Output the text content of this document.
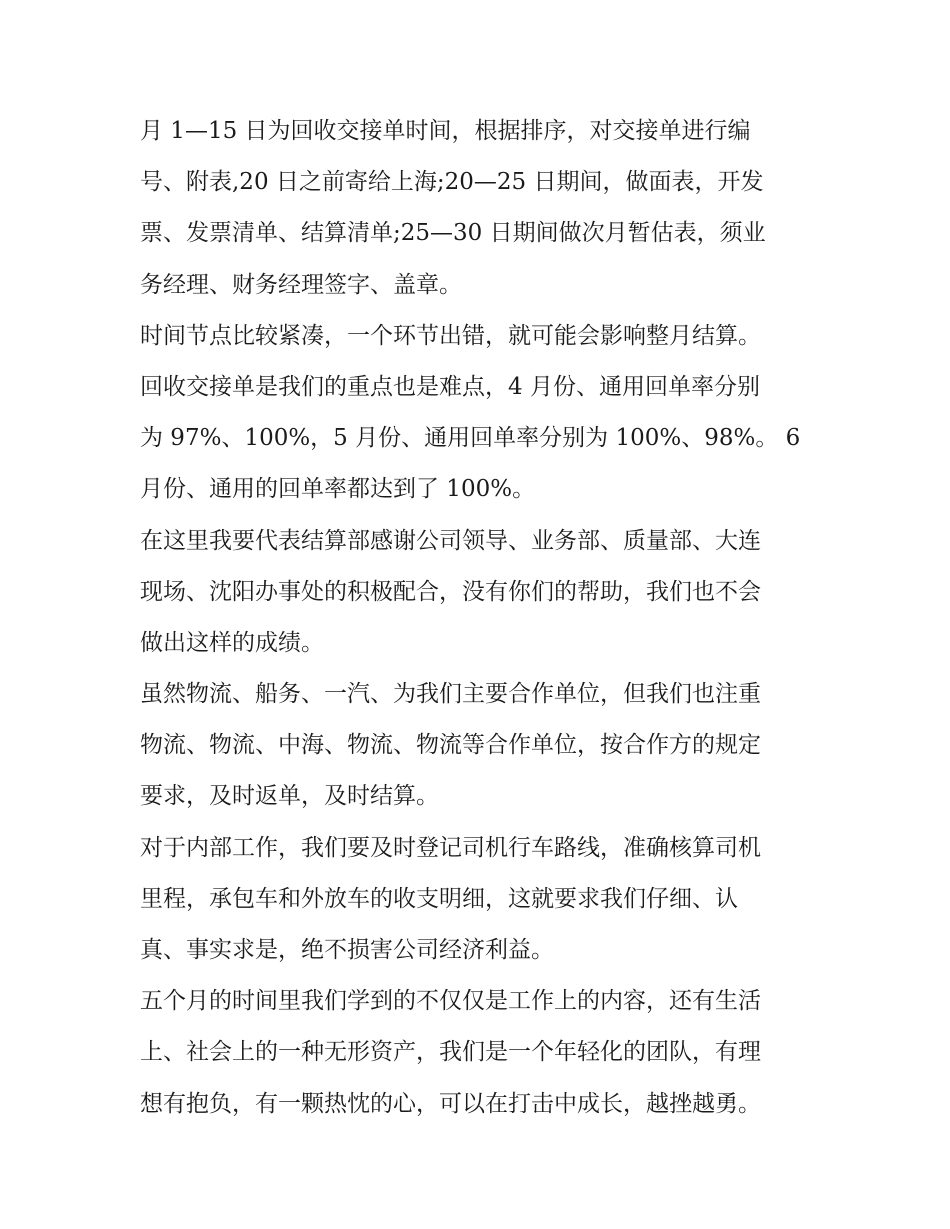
月 1—15 日为回收交接单时间，根据排序，对交接单进行编
号、附表,20 日之前寄给上海;20—25 日期间，做面表，开发
票、发票清单、结算清单;25—30 日期间做次月暂估表，须业
务经理、财务经理签字、盖章。
时间节点比较紧凑，一个环节出错，就可能会影响整月结算。
回收交接单是我们的重点也是难点，4 月份、通用回单率分别
为 97%、100%，5 月份、通用回单率分别为 100%、98%。 6
月份、通用的回单率都达到了 100%。
在这里我要代表结算部感谢公司领导、业务部、质量部、大连
现场、沈阳办事处的积极配合，没有你们的帮助，我们也不会
做出这样的成绩。
虽然物流、船务、一汽、为我们主要合作单位，但我们也注重
物流、物流、中海、物流、物流等合作单位，按合作方的规定
要求，及时返单，及时结算。
对于内部工作，我们要及时登记司机行车路线，准确核算司机
里程，承包车和外放车的收支明细，这就要求我们仔细、认
真、事实求是，绝不损害公司经济利益。
五个月的时间里我们学到的不仅仅是工作上的内容，还有生活
上、社会上的一种无形资产，我们是一个年轻化的团队，有理
想有抱负，有一颗热忱的心，可以在打击中成长，越挫越勇。
